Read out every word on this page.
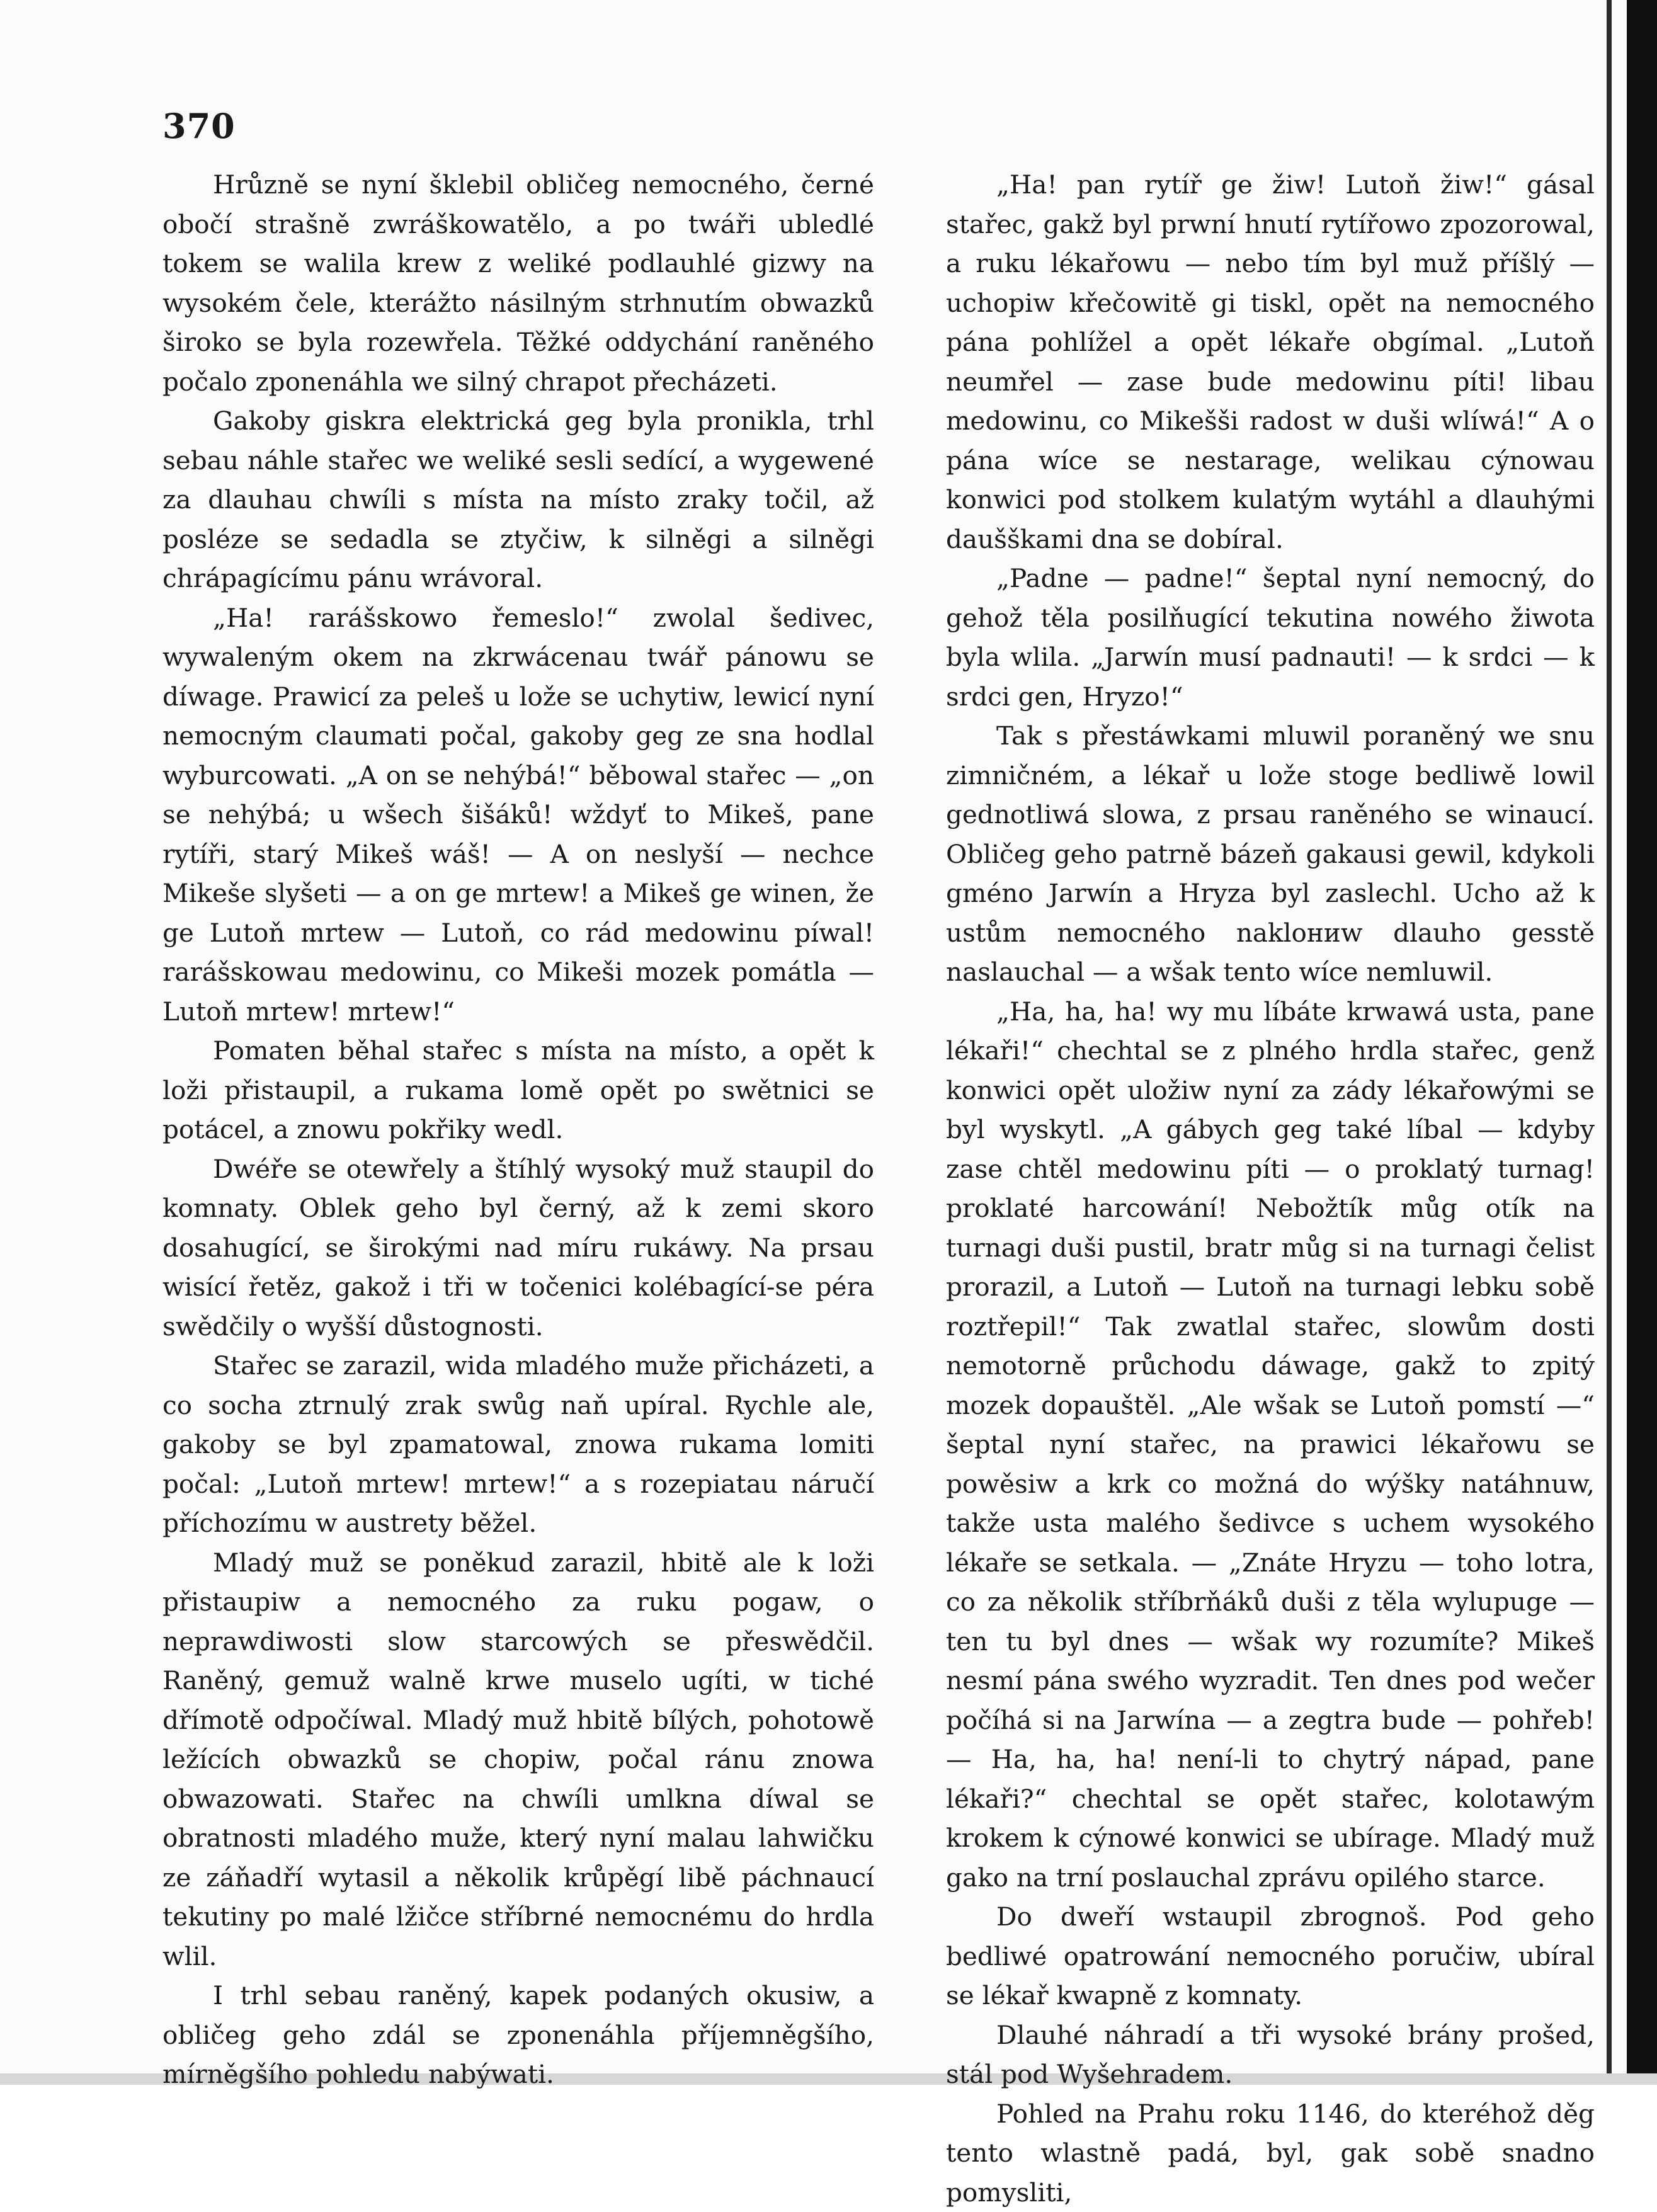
370

Hrůzně se nyní šklebil obličeg nemocného, černé obočí strašně zwráškowatělo, a po twáři ubledlé tokem se walila krew z weliké podlauhlé gizwy na wysokém čele, kterážto násilným strhnutím obwazků široko se byla rozewřela. Těžké oddychání raněného počalo zponenáhla we silný chrapot přecházeti.

Gakoby giskra elektrická geg byla pronikla, trhl sebau náhle stařec we weliké sesli sedící, a wygewené za dlauhau chwíli s místa na místo zraky točil, až posléze se sedadla se ztyčiw, k silněgi a silněgi chrápagícímu pánu wrávoral.

„Ha! rarášskowo řemeslo!“ zwolal šedivec, wywaleným okem na zkrwácenau twář pánowu se díwage. Prawicí za peleš u lože se uchytiw, lewicí nyní nemocným claumati počal, gakoby geg ze sna hodlal wyburcowati. „A on se nehýbá!“ běbowal stařec — „on se nehýbá; u wšech šišáků! wždyť to Mikeš, pane rytíři, starý Mikeš wáš! — A on neslyší — nechce Mikeše slyšeti — a on ge mrtew! a Mikeš ge winen, že ge Lutoň mrtew — Lutoň, co rád medowinu píwal! rarášskowau medowinu, co Mikeši mozek pomátla — Lutoň mrtew! mrtew!“

Pomaten běhal stařec s místa na místo, a opět k loži přistaupil, a rukama lomě opět po swětnici se potácel, a znowu pokřiky wedl.

Dwéře se otewřely a štíhlý wysoký muž staupil do komnaty. Oblek geho byl černý, až k zemi skoro dosahugící, se širokými nad míru rukáwy. Na prsau wisící řetěz, gakož i tři w točenici kolébagící-se péra swědčily o wyšší důstognosti.

Stařec se zarazil, wida mladého muže přicházeti, a co socha ztrnulý zrak swůg naň upíral. Rychle ale, gakoby se byl zpamatowal, znowa rukama lomiti počal: „Lutoň mrtew! mrtew!“ a s rozepiatau náručí příchozímu w austrety běžel.

Mladý muž se poněkud zarazil, hbitě ale k loži přistaupiw a nemocného za ruku pogaw, o neprawdiwosti slow starcowých se přeswědčil. Raněný, gemuž walně krwe muselo ugíti, w tiché dřímotě odpočíwal. Mladý muž hbitě bílých, pohotowě ležících obwazků se chopiw, počal ránu znowa obwazowati. Stařec na chwíli umlkna díwal se obratnosti mladého muže, který nyní malau lahwičku ze záňadří wytasil a několik krůpěgí libě páchnaucí tekutiny po malé lžičce stříbrné nemocnému do hrdla wlil.

I trhl sebau raněný, kapek podaných okusiw, a obličeg geho zdál se zponenáhla příjemněgšího, mírněgšího pohledu nabýwati.

„Ha! pan rytíř ge žiw! Lutoň žiw!“ gásal stařec, gakž byl prwní hnutí rytířowo zpozorowal, a ruku lékařowu — nebo tím byl muž příšlý — uchopiw křečowitě gi tiskl, opět na nemocného pána pohlížel a opět lékaře obgímal. „Lutoň neumřel — zase bude medowinu píti! libau medowinu, co Mikešši radost w duši wlíwá!“ A o pána wíce se nestarage, welikau cýnowau konwici pod stolkem kulatým wytáhl a dlauhými daušškami dna se dobíral.

„Padne — padne!“ šeptal nyní nemocný, do gehož těla posilňugící tekutina nowého žiwota byla wlila. „Jarwín musí padnauti! — k srdci — k srdci gen, Hryzo!“

Tak s přestáwkami mluwil poraněný we snu zimničném, a lékař u lože stoge bedliwě lowil gednotliwá slowa, z prsau raněného se winaucí. Obličeg geho patrně bázeň gakausi gewil, kdykoli gméno Jarwín a Hryza byl zaslechl. Ucho až k ustům nemocného naklониw dlauho gesstě naslauchal — a wšak tento wíce nemluwil.

„Ha, ha, ha! wy mu líbáte krwawá usta, pane lékaři!“ chechtal se z plného hrdla stařec, genž konwici opět uložiw nyní za zády lékařowými se byl wyskytl. „A gábych geg také líbal — kdyby zase chtěl medowinu píti — o proklatý turnag! proklaté harcowání! Nebožtík můg otík na turnagi duši pustil, bratr můg si na turnagi čelist prorazil, a Lutoň — Lutoň na turnagi lebku sobě roztřepil!“ Tak zwatlal stařec, slowům dosti nemotorně průchodu dáwage, gakž to zpitý mozek dopauštěl. „Ale wšak se Lutoň pomstí —“ šeptal nyní stařec, na prawici lékařowu se powěsiw a krk co možná do wýšky natáhnuw, takže usta malého šedivce s uchem wysokého lékaře se setkala. — „Znáte Hryzu — toho lotra, co za několik stříbrňáků duši z těla wylupuge — ten tu byl dnes — wšak wy rozumíte? Mikeš nesmí pána swého wyzradit. Ten dnes pod wečer počíhá si na Jarwína — a zegtra bude — pohřeb! — Ha, ha, ha! není-li to chytrý nápad, pane lékaři?“ chechtal se opět stařec, kolotawým krokem k cýnowé konwici se ubírage. Mladý muž gako na trní poslauchal zprávu opilého starce.

Do dweří wstaupil zbrognoš. Pod geho bedliwé opatrowání nemocného poručiw, ubíral se lékař kwapně z komnaty.

Dlauhé náhradí a tři wysoké brány prošed, stál pod Wyšehradem.

Pohled na Prahu roku 1146, do kteréhož děg tento wlastně padá, byl, gak sobě snadno pomysliti,
